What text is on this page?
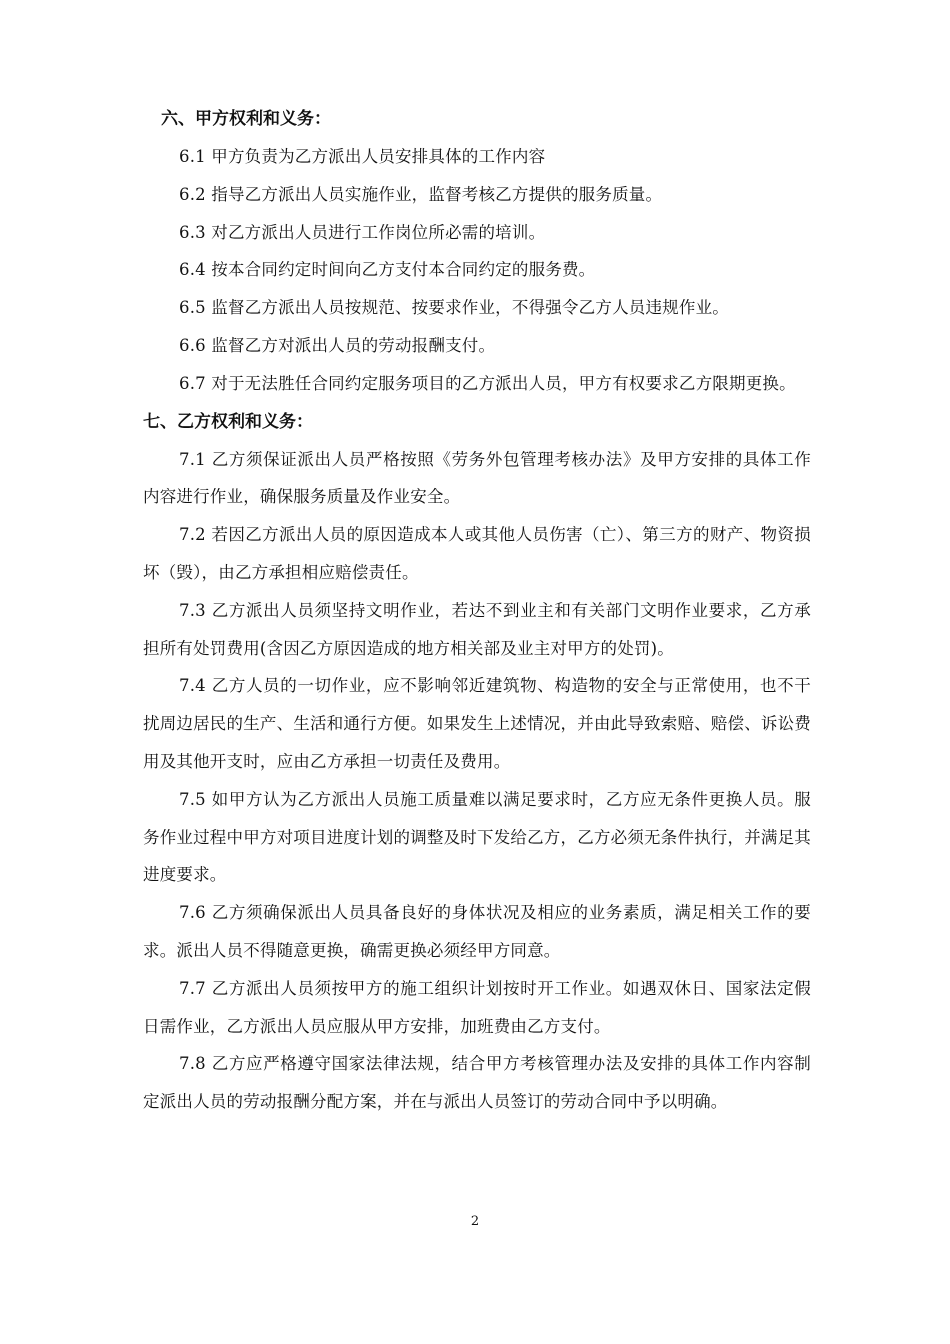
六、甲方权利和义务：

6.1 甲方负责为乙方派出人员安排具体的工作内容

6.2 指导乙方派出人员实施作业，监督考核乙方提供的服务质量。

6.3 对乙方派出人员进行工作岗位所必需的培训。

6.4 按本合同约定时间向乙方支付本合同约定的服务费。

6.5 监督乙方派出人员按规范、按要求作业，不得强令乙方人员违规作业。

6.6 监督乙方对派出人员的劳动报酬支付。

6.7 对于无法胜任合同约定服务项目的乙方派出人员，甲方有权要求乙方限期更换。

七、乙方权利和义务：

7.1 乙方须保证派出人员严格按照《劳务外包管理考核办法》及甲方安排的具体工作内容进行作业，确保服务质量及作业安全。

7.2 若因乙方派出人员的原因造成本人或其他人员伤害（亡）、第三方的财产、物资损坏（毁），由乙方承担相应赔偿责任。

7.3 乙方派出人员须坚持文明作业，若达不到业主和有关部门文明作业要求，乙方承担所有处罚费用(含因乙方原因造成的地方相关部及业主对甲方的处罚)。

7.4 乙方人员的一切作业，应不影响邻近建筑物、构造物的安全与正常使用，也不干扰周边居民的生产、生活和通行方便。如果发生上述情况，并由此导致索赔、赔偿、诉讼费用及其他开支时，应由乙方承担一切责任及费用。

7.5 如甲方认为乙方派出人员施工质量难以满足要求时，乙方应无条件更换人员。服务作业过程中甲方对项目进度计划的调整及时下发给乙方，乙方必须无条件执行，并满足其进度要求。

7.6 乙方须确保派出人员具备良好的身体状况及相应的业务素质，满足相关工作的要求。派出人员不得随意更换，确需更换必须经甲方同意。

7.7 乙方派出人员须按甲方的施工组织计划按时开工作业。如遇双休日、国家法定假日需作业，乙方派出人员应服从甲方安排，加班费由乙方支付。

7.8 乙方应严格遵守国家法律法规，结合甲方考核管理办法及安排的具体工作内容制定派出人员的劳动报酬分配方案，并在与派出人员签订的劳动合同中予以明确。

2
